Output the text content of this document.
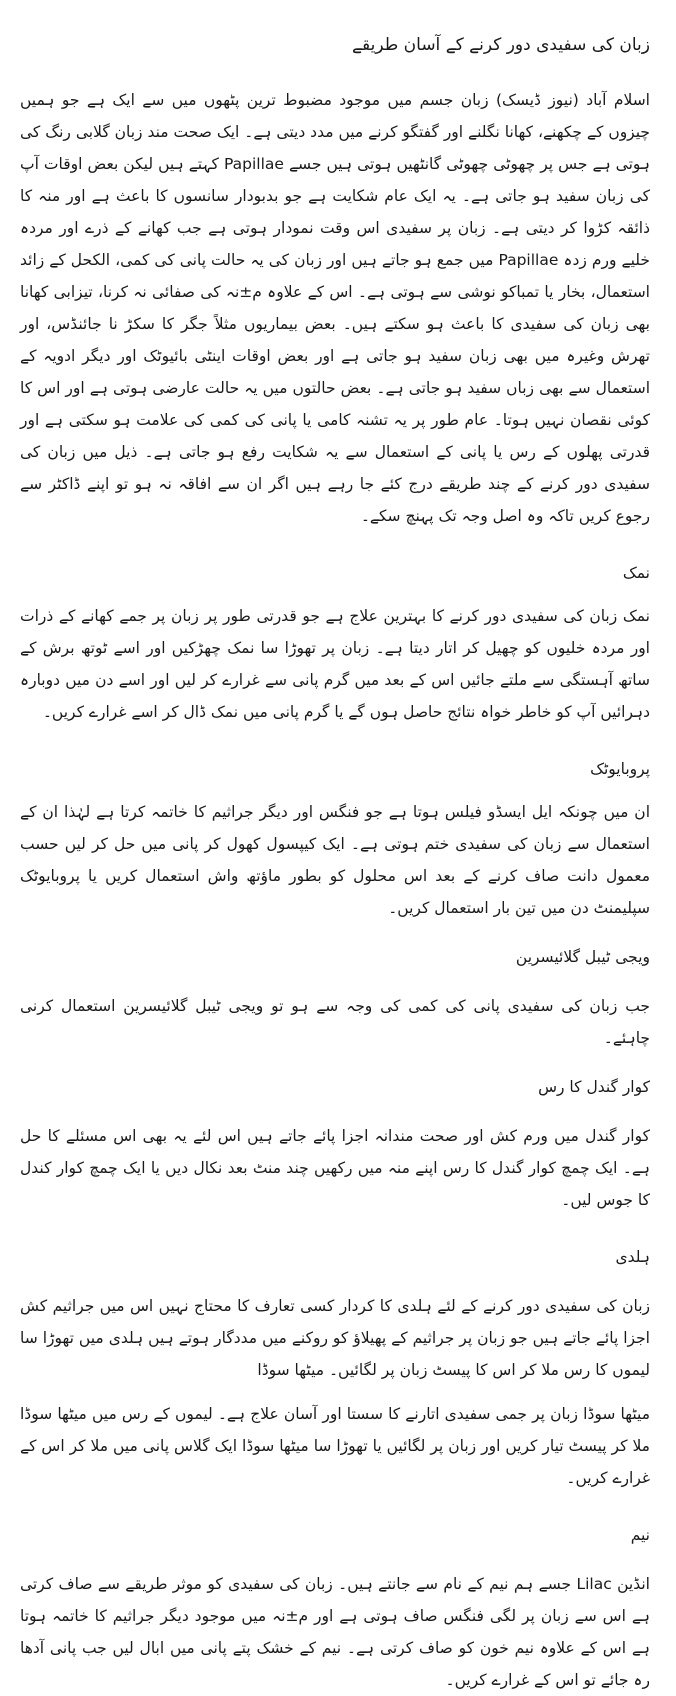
زبان کی سفیدی دور کرنے کے آسان طریقے

اسلام آباد (نیوز ڈیسک) زبان جسم میں موجود مضبوط ترین پٹھوں میں سے ایک ہے جو ہمیں چیزوں کے چکھنے، کھانا نگلنے اور گفتگو کرنے میں مدد دیتی ہے۔ ایک صحت مند زبان گلابی رنگ کی ہوتی ہے جس پر چھوٹی چھوٹی گانٹھیں ہوتی ہیں جسے Papillae کہتے ہیں لیکن بعض اوقات آپ کی زبان سفید ہو جاتی ہے۔ یہ ایک عام شکایت ہے جو بدبودار سانسوں کا باعث ہے اور منہ کا ذائقہ کڑوا کر دیتی ہے۔ زبان پر سفیدی اس وقت نمودار ہوتی ہے جب کھانے کے ذرے اور مردہ خلیے ورم زدہ Papillae میں جمع ہو جاتے ہیں اور زبان کی یہ حالت پانی کی کمی، الکحل کے زائد استعمال، بخار یا تمباکو نوشی سے ہوتی ہے۔ اس کے علاوہ م±نہ کی صفائی نہ کرنا، تیزابی کھانا بھی زبان کی سفیدی کا باعث ہو سکتے ہیں۔ بعض بیماریوں مثلاً جگر کا سکڑ نا جائنڈس، اور تھرش وغیرہ میں بھی زبان سفید ہو جاتی ہے اور بعض اوقات اینٹی بائیوٹک اور دیگر ادویہ کے استعمال سے بھی زباں سفید ہو جاتی ہے۔ بعض حالتوں میں یہ حالت عارضی ہوتی ہے اور اس کا کوئی نقصان نہیں ہوتا۔ عام طور پر یہ تشنہ کامی یا پانی کی کمی کی علامت ہو سکتی ہے اور قدرتی پھلوں کے رس یا پانی کے استعمال سے یہ شکایت رفع ہو جاتی ہے۔ ذیل میں زبان کی سفیدی دور کرنے کے چند طریقے درج کئے جا رہے ہیں اگر ان سے افاقہ نہ ہو تو اپنے ڈاکٹر سے رجوع کریں تاکہ وہ اصل وجہ تک پہنچ سکے۔

نمک

نمک زبان کی سفیدی دور کرنے کا بہترین علاج ہے جو قدرتی طور پر زبان پر جمے کھانے کے ذرات اور مردہ خلیوں کو چھیل کر اتار دیتا ہے۔ زبان پر تھوڑا سا نمک چھڑکیں اور اسے ٹوتھ برش کے ساتھ آہستگی سے ملتے جائیں اس کے بعد میں گرم پانی سے غرارے کر لیں اور اسے دن میں دوبارہ دہرائیں آپ کو خاطر خواہ نتائج حاصل ہوں گے یا گرم پانی میں نمک ڈال کر اسے غرارے کریں۔

پروبایوٹک

ان میں چونکہ ایل ایسڈو فیلس ہوتا ہے جو فنگس اور دیگر جراثیم کا خاتمہ کرتا ہے لہٰذا ان کے استعمال سے زبان کی سفیدی ختم ہوتی ہے۔ ایک کیپسول کھول کر پانی میں حل کر لیں حسب معمول دانت صاف کرنے کے بعد اس محلول کو بطور ماؤتھ واش استعمال کریں یا پروبایوٹک سپلیمنٹ دن میں تین بار استعمال کریں۔

ویجی ٹیبل گلائیسرین

جب زبان کی سفیدی پانی کی کمی کی وجہ سے ہو تو ویجی ٹیبل گلائیسرین استعمال کرنی چاہئے۔

کوار گندل کا رس

کوار گندل میں ورم کش اور صحت مندانہ اجزا پائے جاتے ہیں اس لئے یہ بھی اس مسئلے کا حل ہے۔ ایک چمچ کوار گندل کا رس اپنے منہ میں رکھیں چند منٹ بعد نکال دیں یا ایک چمچ کوار کندل کا جوس لیں۔

ہلدی

زبان کی سفیدی دور کرنے کے لئے ہلدی کا کردار کسی تعارف کا محتاج نہیں اس میں جراثیم کش اجزا پائے جاتے ہیں جو زبان پر جراثیم کے پھیلاؤ کو روکنے میں مددگار ہوتے ہیں ہلدی میں تھوڑا سا لیموں کا رس ملا کر اس کا پیسٹ زبان پر لگائیں۔ میٹھا سوڈا

میٹھا سوڈا زبان پر جمی سفیدی اتارنے کا سستا اور آسان علاج ہے۔ لیموں کے رس میں میٹھا سوڈا ملا کر پیسٹ تیار کریں اور زبان پر لگائیں یا تھوڑا سا میٹھا سوڈا ایک گلاس پانی میں ملا کر اس کے غرارے کریں۔

نیم

انڈین Lilac جسے ہم نیم کے نام سے جانتے ہیں۔ زبان کی سفیدی کو موثر طریقے سے صاف کرتی ہے اس سے زبان پر لگی فنگس صاف ہوتی ہے اور م±نہ میں موجود دیگر جراثیم کا خاتمہ ہوتا ہے اس کے علاوہ نیم خون کو صاف کرتی ہے۔ نیم کے خشک پتے پانی میں ابال لیں جب پانی آدھا رہ جائے تو اس کے غرارے کریں۔
